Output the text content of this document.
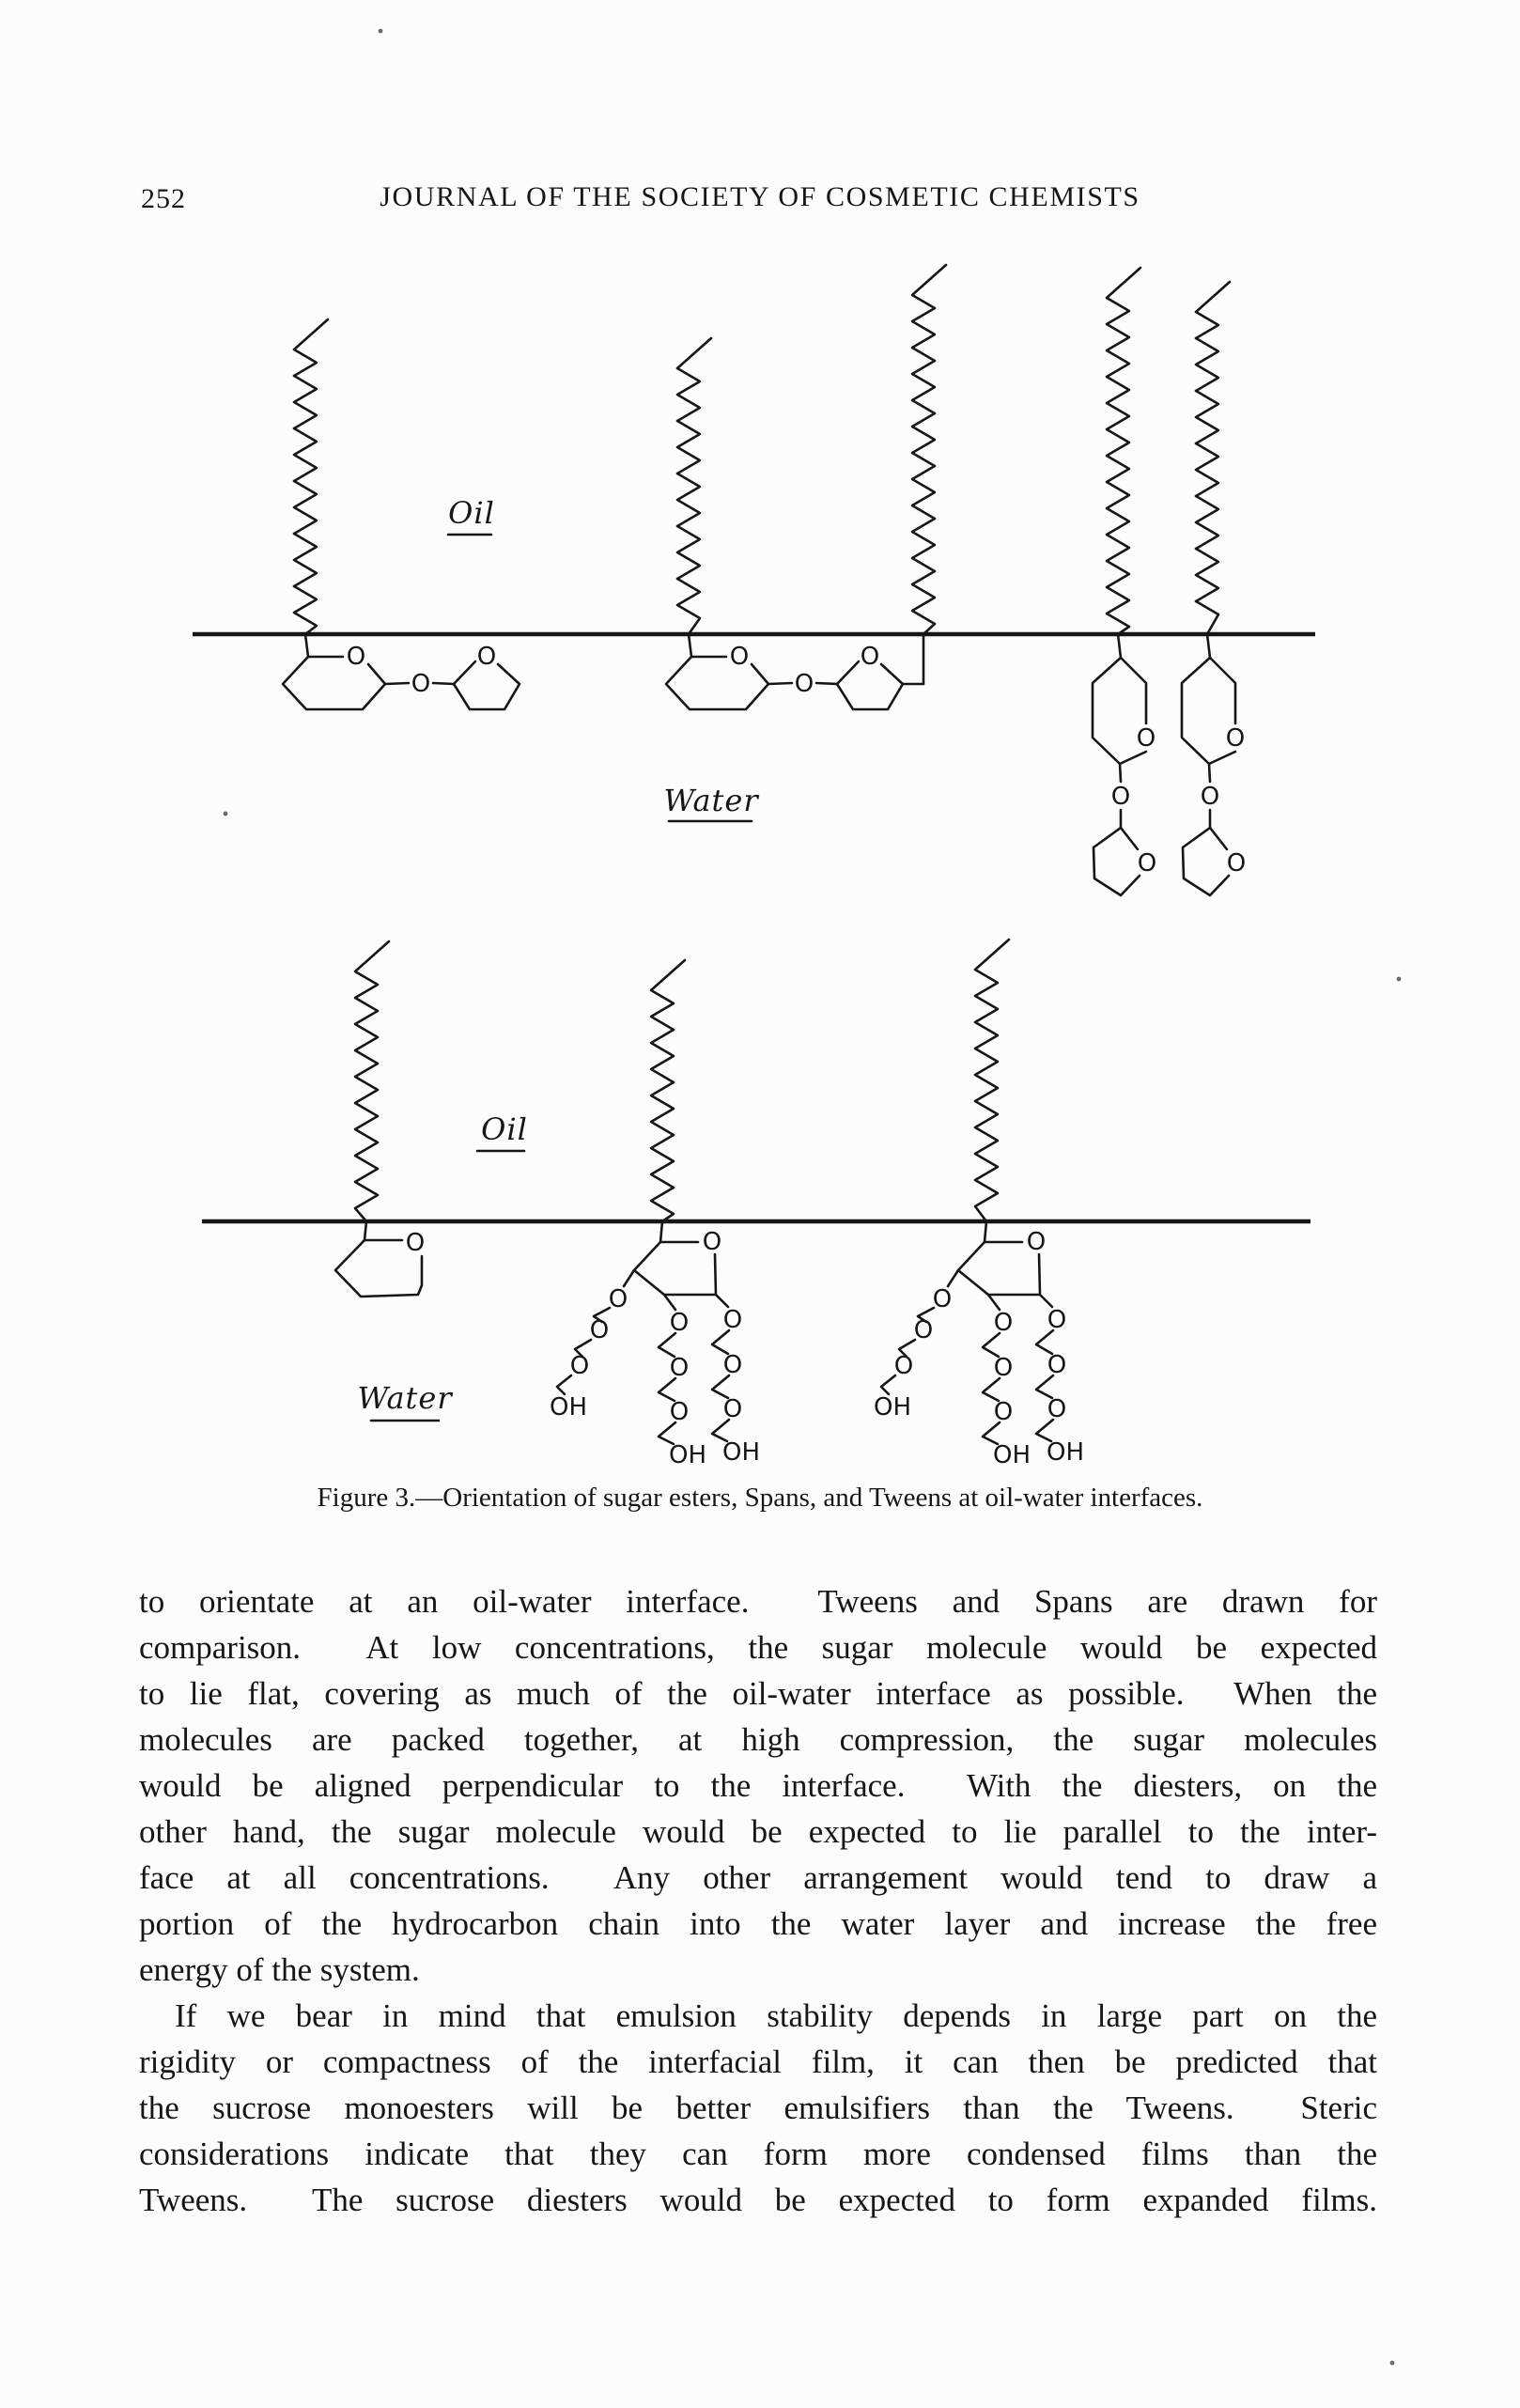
252	JOURNAL OF THE SOCIETY OF COSMETIC CHEMISTS
O
O
O	O
O
O
O
O
O
O
O
O
Oil
Water
O	O
O
O
O
OH
O
O
O
OH
O
O
O
OH
O
O
O
O
OH
O
O
O
OH
O
O
O
OH
Oil
Water
Figure 3.—Orientation of sugar esters, Spans, and Tweens at oil-water interfaces.
to orientate at an oil-water interface.  Tweens and Spans are drawn for
comparison.  At low concentrations, the sugar molecule would be expected
to lie flat, covering as much of the oil-water interface as possible.  When the
molecules are packed together, at high compression, the sugar molecules
would be aligned perpendicular to the interface.  With the diesters, on the
other hand, the sugar molecule would be expected to lie parallel to the inter-
face at all concentrations.  Any other arrangement would tend to draw a
portion of the hydrocarbon chain into the water layer and increase the free
energy of the system.
If we bear in mind that emulsion stability depends in large part on the
rigidity or compactness of the interfacial film, it can then be predicted that
the sucrose monoesters will be better emulsifiers than the Tweens.  Steric
considerations indicate that they can form more condensed films than the
Tweens.  The sucrose diesters would be expected to form expanded films.
